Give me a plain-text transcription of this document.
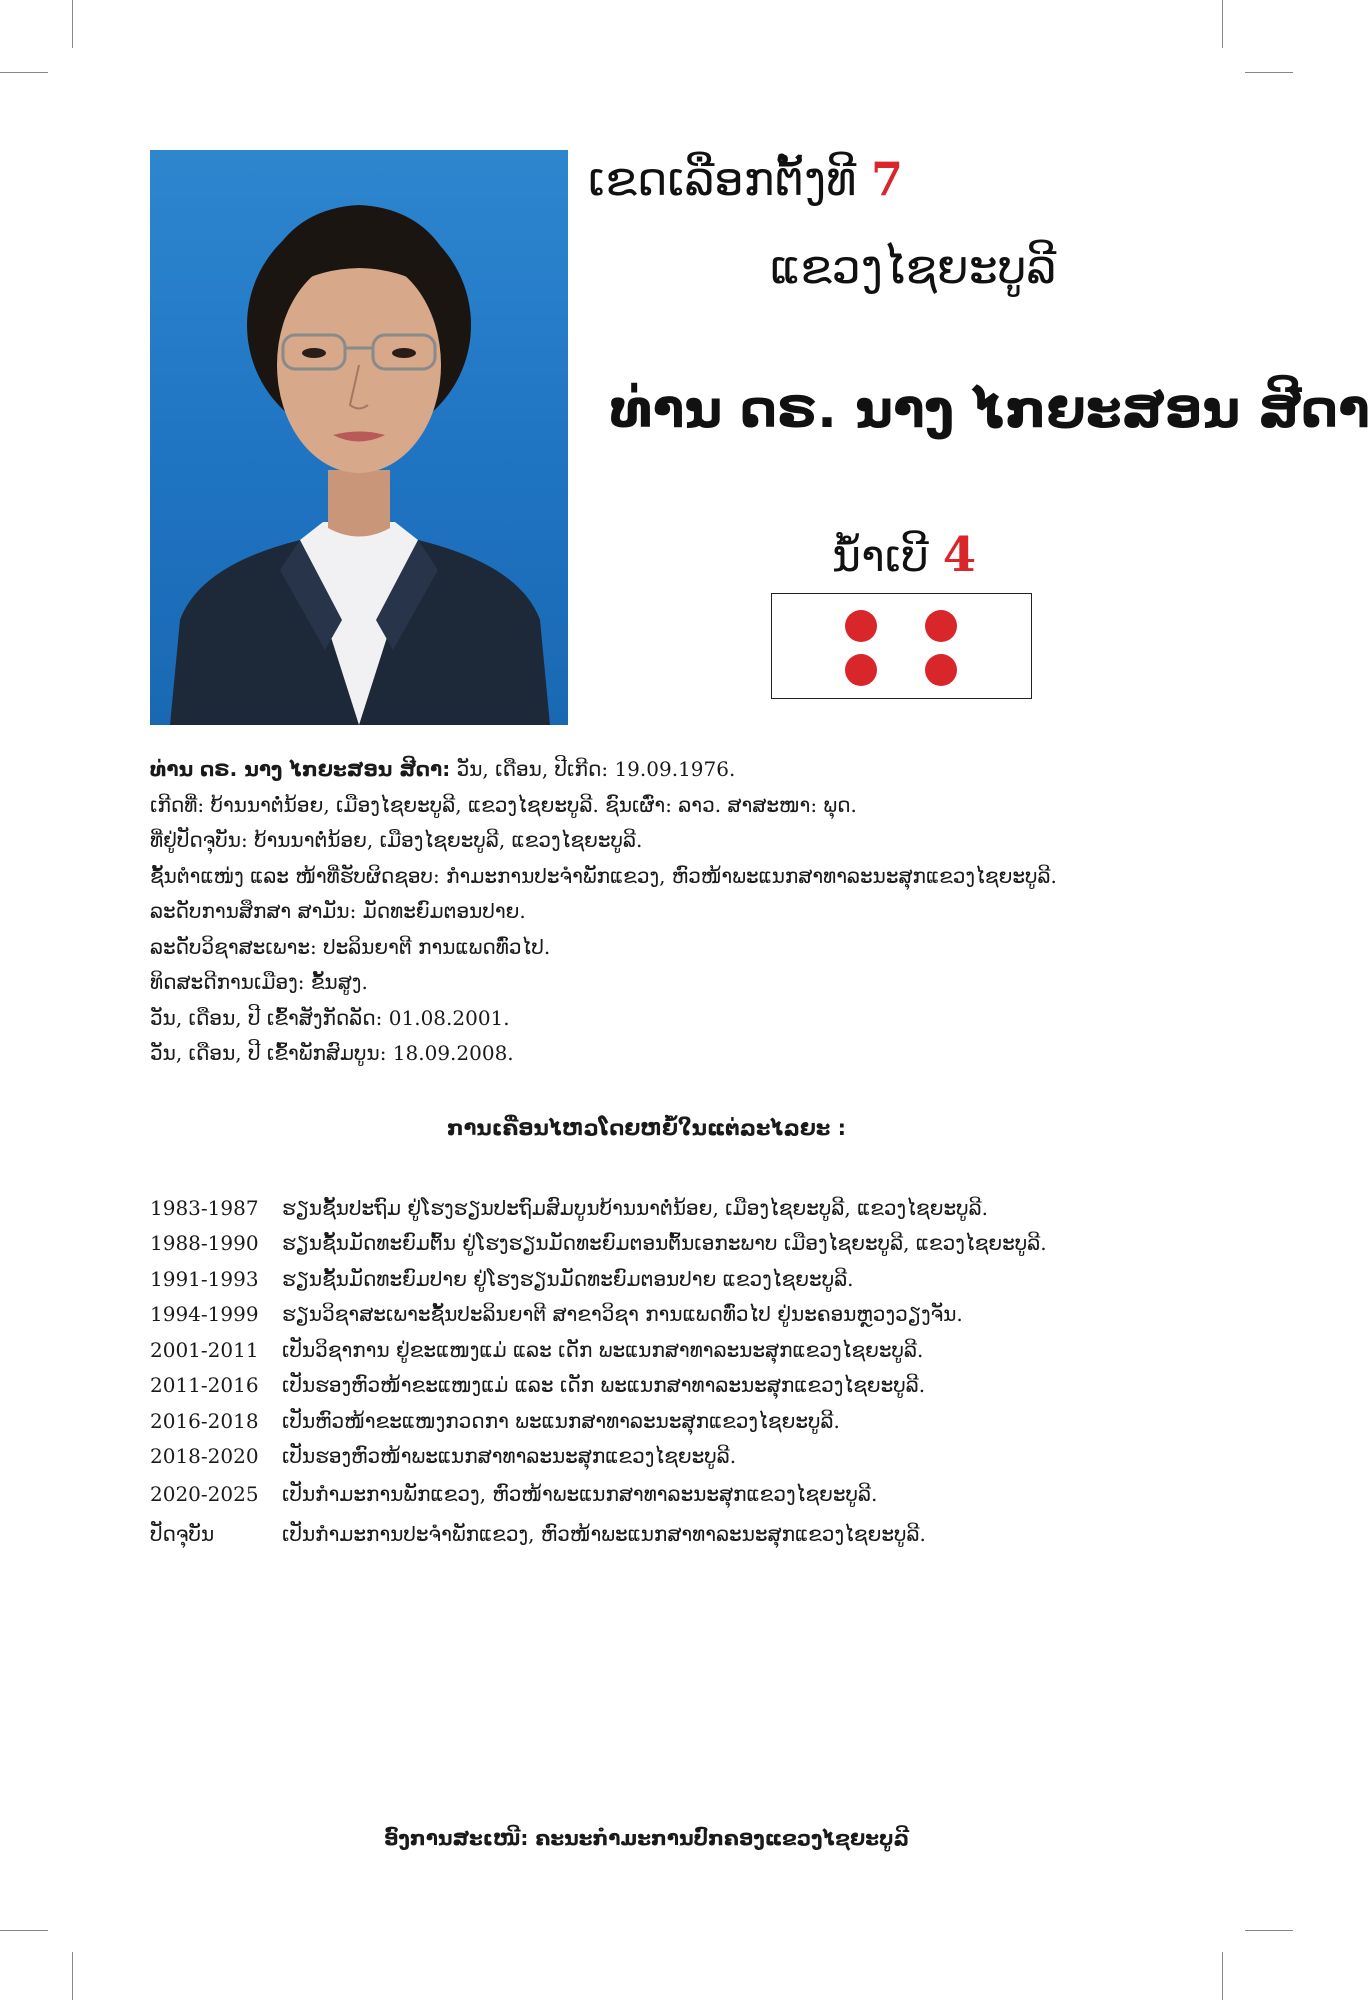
ເຂດເລືອກຕັ້ງທີ 7
ແຂວງໄຊຍະບູລີ
ທ່ານ ດຣ. ນາງ ໄກຍະສອນ ສີດາ
ນໍ້າເບີ 4
ທ່ານ ດຣ. ນາງ ໄກຍະສອນ ສີດາ: ວັນ, ເດືອນ, ປີເກີດ: 19.09.1976.
ເກີດທີ່: ບ້ານນາຕໍ່ນ້ອຍ, ເມືອງໄຊຍະບູລີ, ແຂວງໄຊຍະບູລີ. ຊົນເຜົ່າ: ລາວ. ສາສະໜາ: ພຸດ.
ທີ່ຢູ່ປັດຈຸບັນ: ບ້ານນາຕໍ່ນ້ອຍ, ເມືອງໄຊຍະບູລີ, ແຂວງໄຊຍະບູລີ.
ຊັ້ນຕໍາແໜ່ງ ແລະ ໜ້າທີ່ຮັບຜິດຊອບ: ກໍາມະການປະຈໍາພັກແຂວງ, ຫົວໜ້າພະແນກສາທາລະນະສຸກແຂວງໄຊຍະບູລີ.
ລະດັບການສຶກສາ ສາມັນ: ມັດທະຍົມຕອນປາຍ.
ລະດັບວິຊາສະເພາະ: ປະລິນຍາຕີ ການແພດທົ່ວໄປ.
ທິດສະດີການເມືອງ: ຂັ້ນສູງ.
ວັນ, ເດືອນ, ປີ ເຂົ້າສັງກັດລັດ: 01.08.2001.
ວັນ, ເດືອນ, ປີ ເຂົ້າພັກສົມບູນ: 18.09.2008.
ການເຄື່ອນໄຫວໂດຍຫຍໍ້ໃນແຕ່ລະໄລຍະ :
1983-1987	ຮຽນຊັ້ນປະຖົມ ຢູ່ໂຮງຮຽນປະຖົມສົມບູນບ້ານນາຕໍ່ນ້ອຍ, ເມືອງໄຊຍະບູລີ, ແຂວງໄຊຍະບູລີ.
1988-1990	ຮຽນຊັ້ນມັດທະຍົມຕົ້ນ ຢູ່ໂຮງຮຽນມັດທະຍົມຕອນຕົ້ນເອກະພາບ ເມືອງໄຊຍະບູລີ, ແຂວງໄຊຍະບູລີ.
1991-1993	ຮຽນຊັ້ນມັດທະຍົມປາຍ ຢູ່ໂຮງຮຽນມັດທະຍົມຕອນປາຍ ແຂວງໄຊຍະບູລີ.
1994-1999	ຮຽນວິຊາສະເພາະຊັ້ນປະລິນຍາຕີ ສາຂາວິຊາ ການແພດທົ່ວໄປ ຢູ່ນະຄອນຫຼວງວຽງຈັນ.
2001-2011	ເປັນວິຊາການ ຢູ່ຂະແໜງແມ່ ແລະ ເດັກ ພະແນກສາທາລະນະສຸກແຂວງໄຊຍະບູລີ.
2011-2016	ເປັນຮອງຫົວໜ້າຂະແໜງແມ່ ແລະ ເດັກ ພະແນກສາທາລະນະສຸກແຂວງໄຊຍະບູລີ.
2016-2018	ເປັນຫົວໜ້າຂະແໜງກວດກາ ພະແນກສາທາລະນະສຸກແຂວງໄຊຍະບູລີ.
2018-2020	ເປັນຮອງຫົວໜ້າພະແນກສາທາລະນະສຸກແຂວງໄຊຍະບູລີ.
2020-2025	ເປັນກໍາມະການພັກແຂວງ, ຫົວໜ້າພະແນກສາທາລະນະສຸກແຂວງໄຊຍະບູລີ.
ປັດຈຸບັນ	ເປັນກໍາມະການປະຈໍາພັກແຂວງ, ຫົວໜ້າພະແນກສາທາລະນະສຸກແຂວງໄຊຍະບູລີ.
ອົງການສະເໜີ: ຄະນະກໍາມະການປົກຄອງແຂວງໄຊຍະບູລີ
